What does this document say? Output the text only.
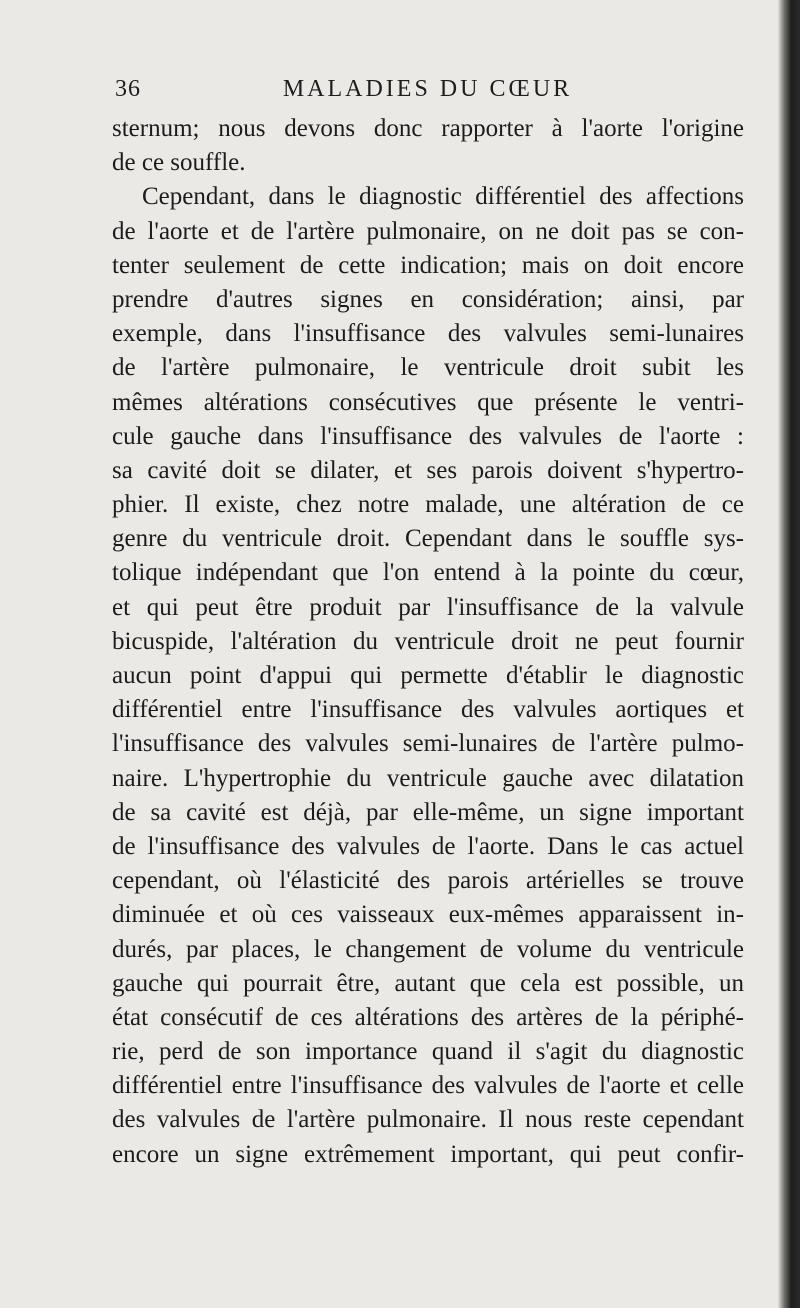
36	MALADIES DU CŒUR
sternum; nous devons donc rapporter à l'aorte l'origine
de ce souffle.
Cependant, dans le diagnostic différentiel des affections
de l'aorte et de l'artère pulmonaire, on ne doit pas se con-
tenter seulement de cette indication; mais on doit encore
prendre d'autres signes en considération; ainsi, par
exemple, dans l'insuffisance des valvules semi-lunaires
de l'artère pulmonaire, le ventricule droit subit les
mêmes altérations consécutives que présente le ventri-
cule gauche dans l'insuffisance des valvules de l'aorte :
sa cavité doit se dilater, et ses parois doivent s'hypertro-
phier. Il existe, chez notre malade, une altération de ce
genre du ventricule droit. Cependant dans le souffle sys-
tolique indépendant que l'on entend à la pointe du cœur,
et qui peut être produit par l'insuffisance de la valvule
bicuspide, l'altération du ventricule droit ne peut fournir
aucun point d'appui qui permette d'établir le diagnostic
différentiel entre l'insuffisance des valvules aortiques et
l'insuffisance des valvules semi-lunaires de l'artère pulmo-
naire. L'hypertrophie du ventricule gauche avec dilatation
de sa cavité est déjà, par elle-même, un signe important
de l'insuffisance des valvules de l'aorte. Dans le cas actuel
cependant, où l'élasticité des parois artérielles se trouve
diminuée et où ces vaisseaux eux-mêmes apparaissent in-
durés, par places, le changement de volume du ventricule
gauche qui pourrait être, autant que cela est possible, un
état consécutif de ces altérations des artères de la périphé-
rie, perd de son importance quand il s'agit du diagnostic
différentiel entre l'insuffisance des valvules de l'aorte et celle
des valvules de l'artère pulmonaire. Il nous reste cependant
encore un signe extrêmement important, qui peut confir-
